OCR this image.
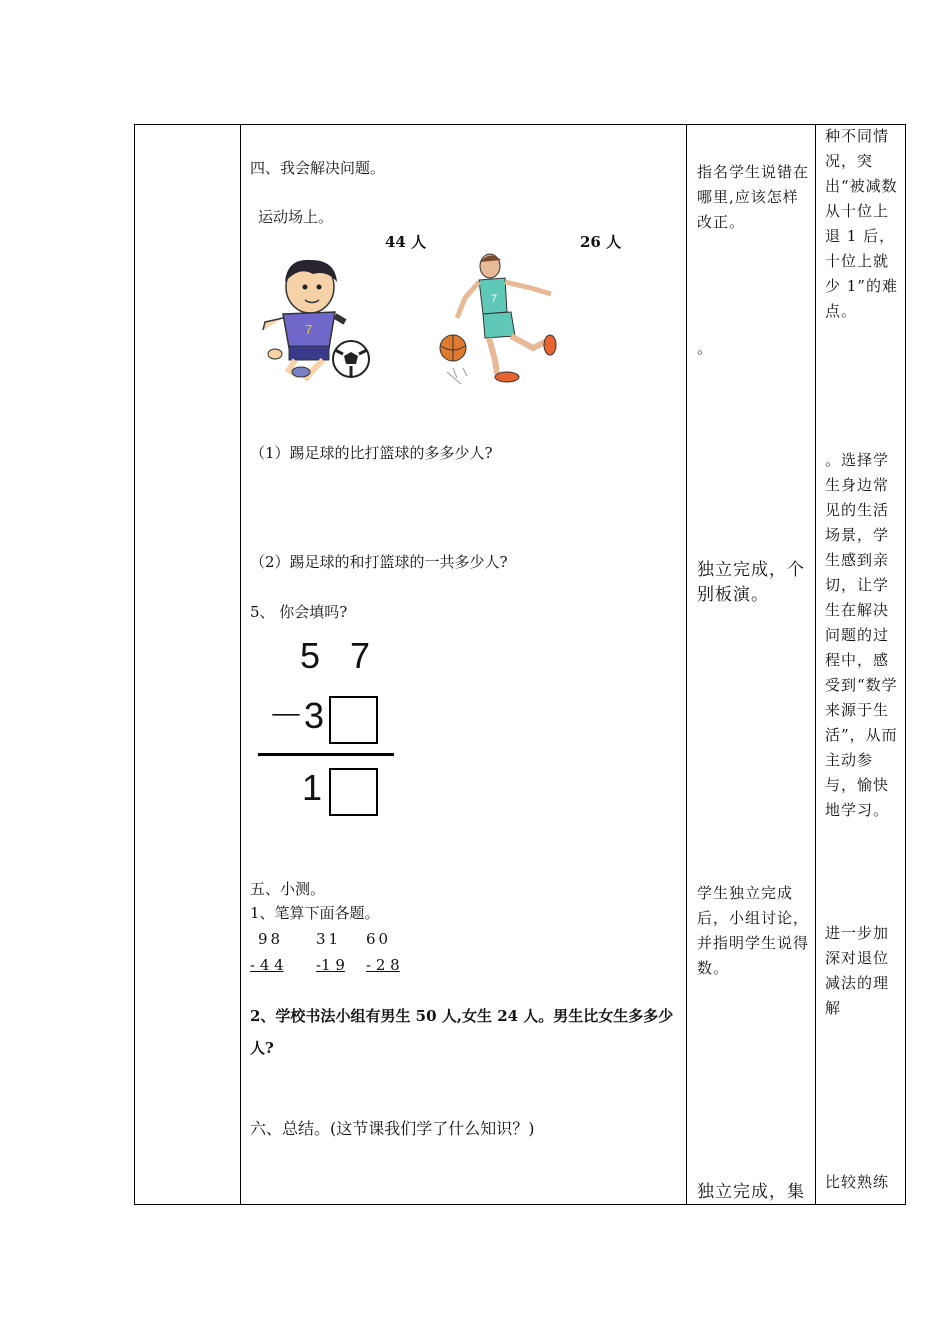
四、我会解决问题。
运动场上。
44 人	26 人
7
7
（1）踢足球的比打篮球的多多少人?
（2）踢足球的和打篮球的一共多少人?
5、 你会填吗?
5 7
－3
1
五、小测。
1、笔算下面各题。
98
- 4 4
31
-1 9
60
- 2 8
2、学校书法小组有男生 50 人,女生 24 人。男生比女生多多少人?
六、总结。(这节课我们学了什么知识？)
指名学生说错在哪里,应该怎样改正。
。
独立完成，个别板演。
学生独立完成后，小组讨论，并指明学生说得数。
独立完成，集
种不同情况，突出“被减数从十位上退 1 后，十位上就少 1”的难点。
。选择学生身边常见的生活场景，学生感到亲切，让学生在解决问题的过程中，感受到“数学来源于生活”，从而主动参与，愉快地学习。
进一步加深对退位减法的理解
比较熟练
